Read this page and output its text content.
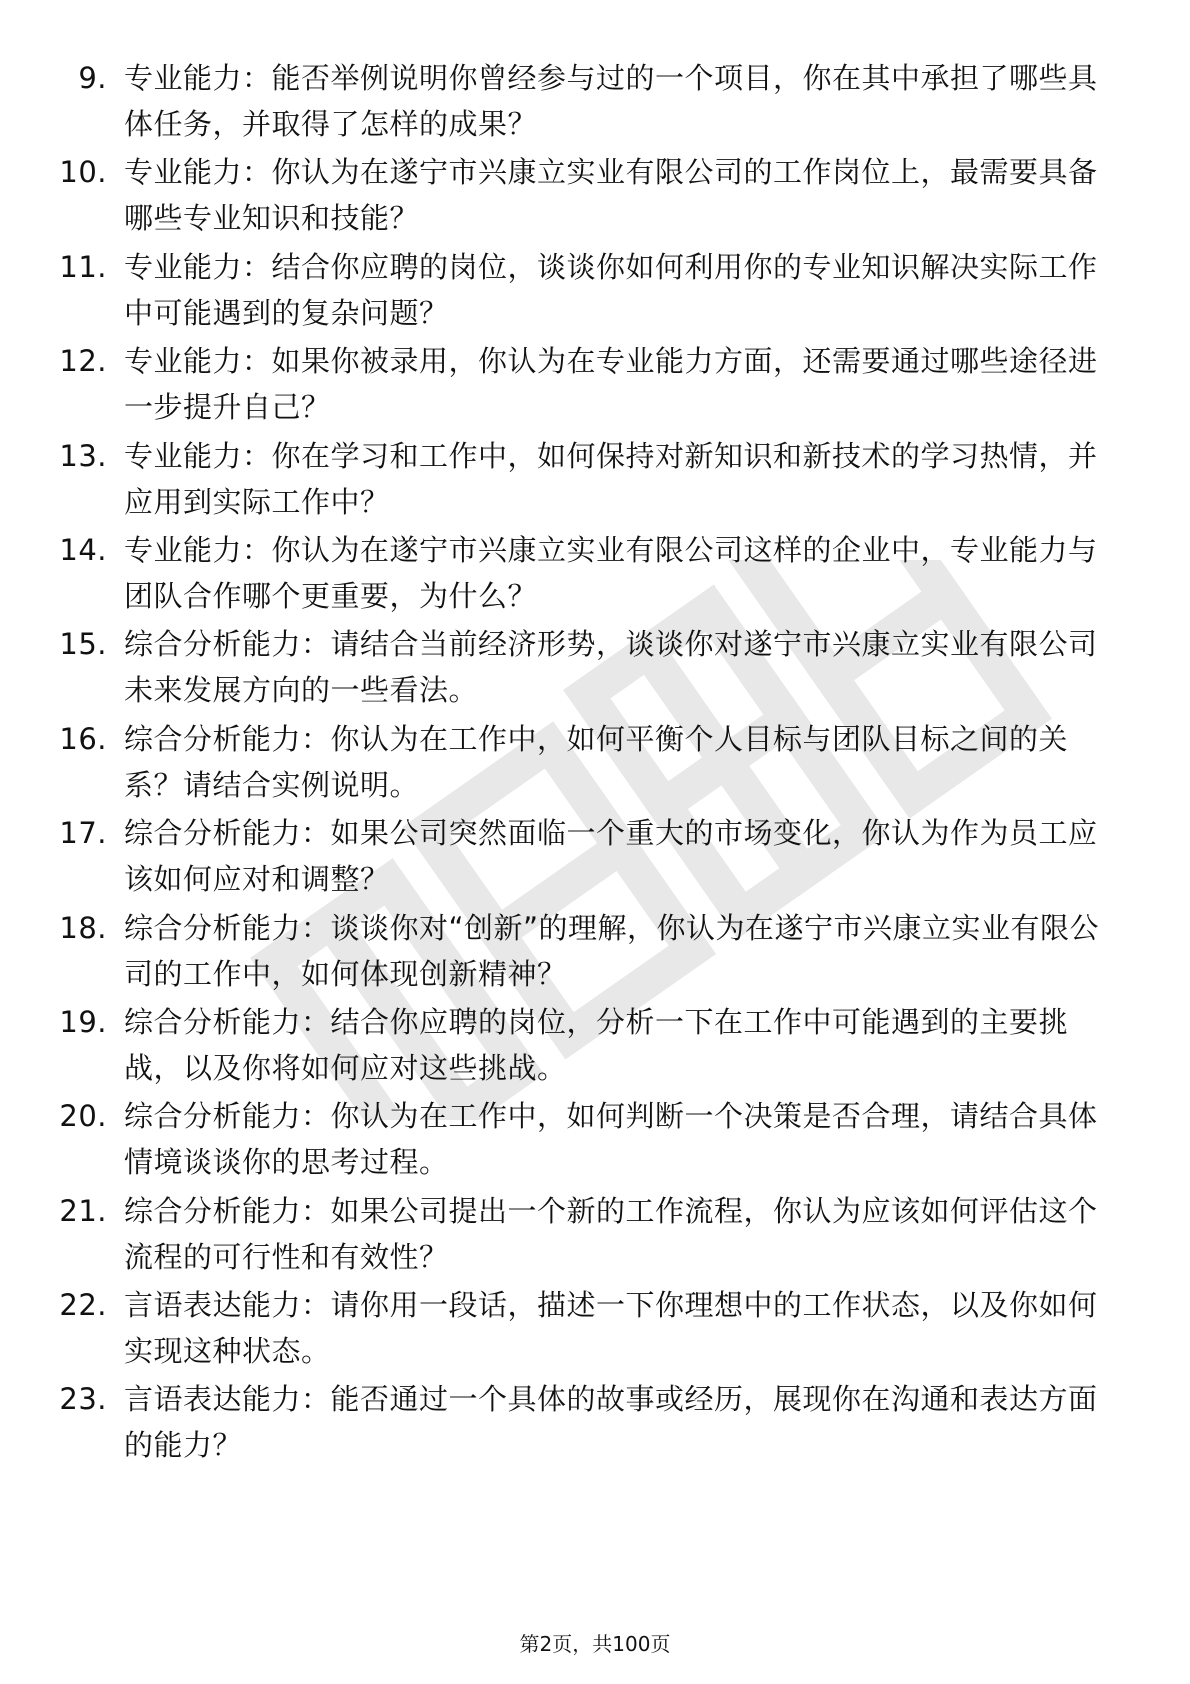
9. 专业能力：能否举例说明你曾经参与过的一个项目，你在其中承担了哪些具体任务，并取得了怎样的成果？
10. 专业能力：你认为在遂宁市兴康立实业有限公司的工作岗位上，最需要具备哪些专业知识和技能？
11. 专业能力：结合你应聘的岗位，谈谈你如何利用你的专业知识解决实际工作中可能遇到的复杂问题？
12. 专业能力：如果你被录用，你认为在专业能力方面，还需要通过哪些途径进一步提升自己？
13. 专业能力：你在学习和工作中，如何保持对新知识和新技术的学习热情，并应用到实际工作中？
14. 专业能力：你认为在遂宁市兴康立实业有限公司这样的企业中，专业能力与团队合作哪个更重要，为什么？
15. 综合分析能力：请结合当前经济形势，谈谈你对遂宁市兴康立实业有限公司未来发展方向的一些看法。
16. 综合分析能力：你认为在工作中，如何平衡个人目标与团队目标之间的关系？请结合实例说明。
17. 综合分析能力：如果公司突然面临一个重大的市场变化，你认为作为员工应该如何应对和调整？
18. 综合分析能力：谈谈你对“创新”的理解，你认为在遂宁市兴康立实业有限公司的工作中，如何体现创新精神？
19. 综合分析能力：结合你应聘的岗位，分析一下在工作中可能遇到的主要挑战，以及你将如何应对这些挑战。
20. 综合分析能力：你认为在工作中，如何判断一个决策是否合理，请结合具体情境谈谈你的思考过程。
21. 综合分析能力：如果公司提出一个新的工作流程，你认为应该如何评估这个流程的可行性和有效性？
22. 言语表达能力：请你用一段话，描述一下你理想中的工作状态，以及你如何实现这种状态。
23. 言语表达能力：能否通过一个具体的故事或经历，展现你在沟通和表达方面的能力？
第2页，共100页
